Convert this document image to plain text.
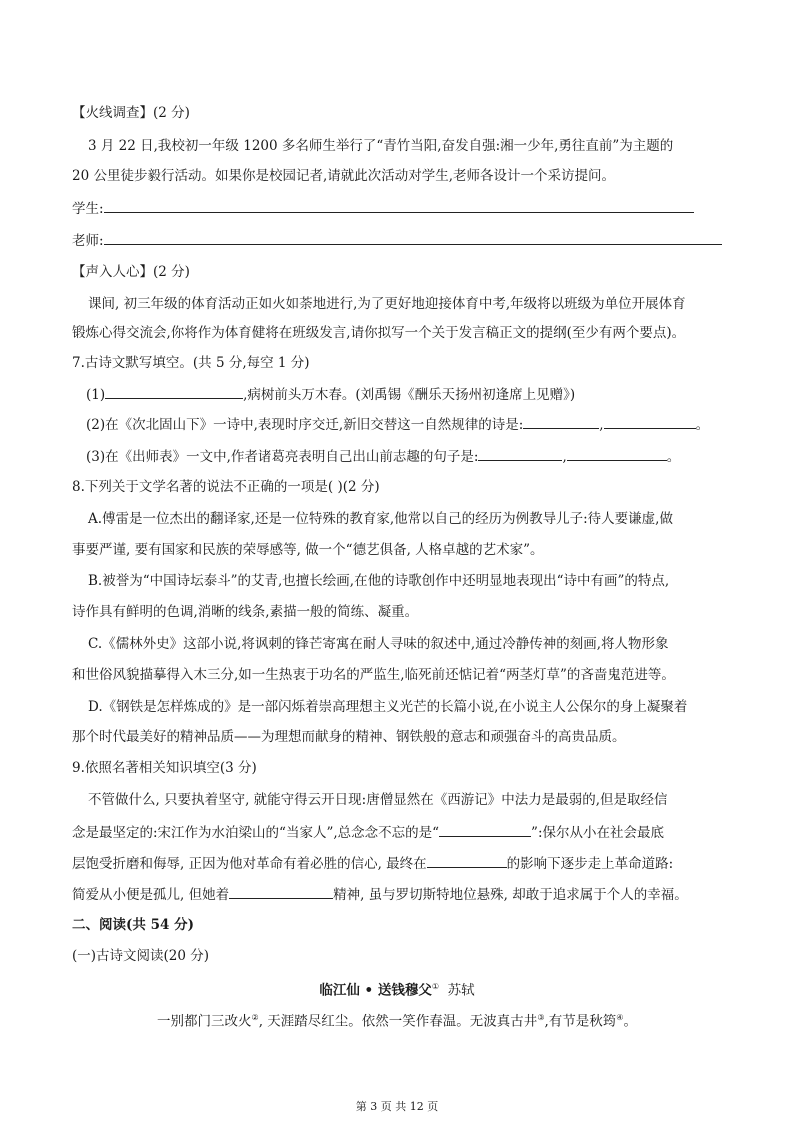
【火线调查】(2 分)
3 月 22 日,我校初一年级 1200 多名师生举行了“青竹当阳,奋发自强:湘一少年,勇往直前”为主题的
20 公里徒步毅行活动。如果你是校园记者,请就此次活动对学生,老师各设计一个采访提问。
学生:
老师:
【声入人心】(2 分)
课间, 初三年级的体育活动正如火如荼地进行,为了更好地迎接体育中考,年级将以班级为单位开展体育
锻炼心得交流会,你将作为体育健将在班级发言,请你拟写一个关于发言稿正文的提纲(至少有两个要点)。
7.古诗文默写填空。(共 5 分,每空 1 分)
(1)	,病树前头万木春。(刘禹锡《酬乐天扬州初逢席上见赠》)
(2)在《次北固山下》一诗中,表现时序交迁,新旧交替这一自然规律的诗是:	,	。
(3)在《出师表》一文中,作者诸葛亮表明自己出山前志趣的句子是:	,	。
8.下列关于文学名著的说法不正确的一项是( )(2 分)
A.傅雷是一位杰出的翻译家,还是一位特殊的教育家,他常以自己的经历为例教导儿子:待人要谦虚,做
事要严谨, 要有国家和民族的荣辱感等, 做一个“德艺俱备, 人格卓越的艺术家”。
B.被誉为“中国诗坛泰斗”的艾青,也擅长绘画,在他的诗歌创作中还明显地表现出“诗中有画”的特点,
诗作具有鲜明的色调,消晰的线条,素描一般的简练、凝重。
C.《儒林外史》这部小说,将讽刺的锋芒寄寓在耐人寻味的叙述中,通过冷静传神的刻画,将人物形象
和世俗风貌描摹得入木三分,如一生热衷于功名的严监生,临死前还惦记着“两茎灯草”的吝啬鬼范进等。
D.《钢铁是怎样炼成的》是一部闪烁着崇高理想主义光芒的长篇小说,在小说主人公保尔的身上凝聚着
那个时代最美好的精神品质——为理想而献身的精神、钢铁般的意志和顽强奋斗的高贵品质。
9.依照名著相关知识填空(3 分)
不管做什么, 只要执着坚守, 就能守得云开日现:唐僧显然在《西游记》中法力是最弱的,但是取经信
念是最坚定的:宋江作为水泊梁山的“当家人”,总念念不忘的是“	”:保尔从小在社会最底
层饱受折磨和侮辱, 正因为他对革命有着必胜的信心, 最终在	的影响下逐步走上革命道路:
简爱从小便是孤儿, 但她着	精神, 虽与罗切斯特地位悬殊, 却敢于追求属于个人的幸福。
二、阅读(共 54 分)
(一)古诗文阅读(20 分)
临江仙 • 送钱穆父① 苏轼
一别都门三改火②, 天涯踏尽红尘。依然一笑作春温。无波真古井③,有节是秋筠④。
第 3 页 共 12 页
